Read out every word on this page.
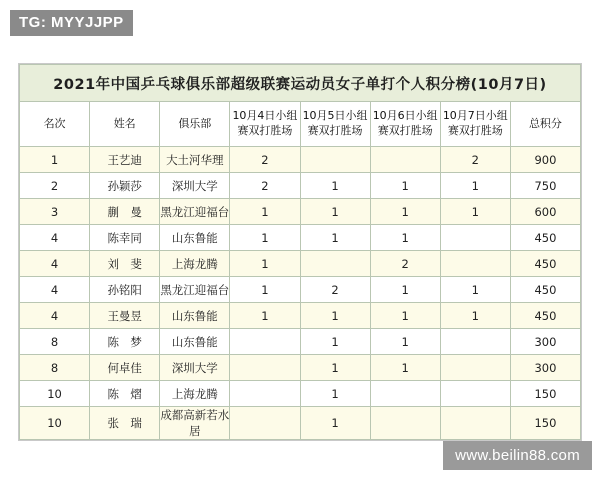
TG: MYYJJPP
2021年中国乒乓球俱乐部超级联赛运动员女子单打个人积分榜(10月7日)							
名次	姓名	俱乐部	10月4日小组赛双打胜场	10月5日小组赛双打胜场	10月6日小组赛双打胜场	10月7日小组赛双打胜场	总积分
1	王艺迪	大土河华理	2			2	900
2	孙颖莎	深圳大学	2	1	1	1	750
3	蒯　曼	黑龙江迎福台	1	1	1	1	600
4	陈幸同	山东鲁能	1	1	1		450
4	刘　斐	上海龙腾	1		2		450
4	孙铭阳	黑龙江迎福台	1	2	1	1	450
4	王曼昱	山东鲁能	1	1	1	1	450
8	陈　梦	山东鲁能		1	1		300
8	何卓佳	深圳大学		1	1		300
10	陈　熠	上海龙腾		1			150
10	张　瑞	成都高新若水居		1			150
www.beilin88.com
